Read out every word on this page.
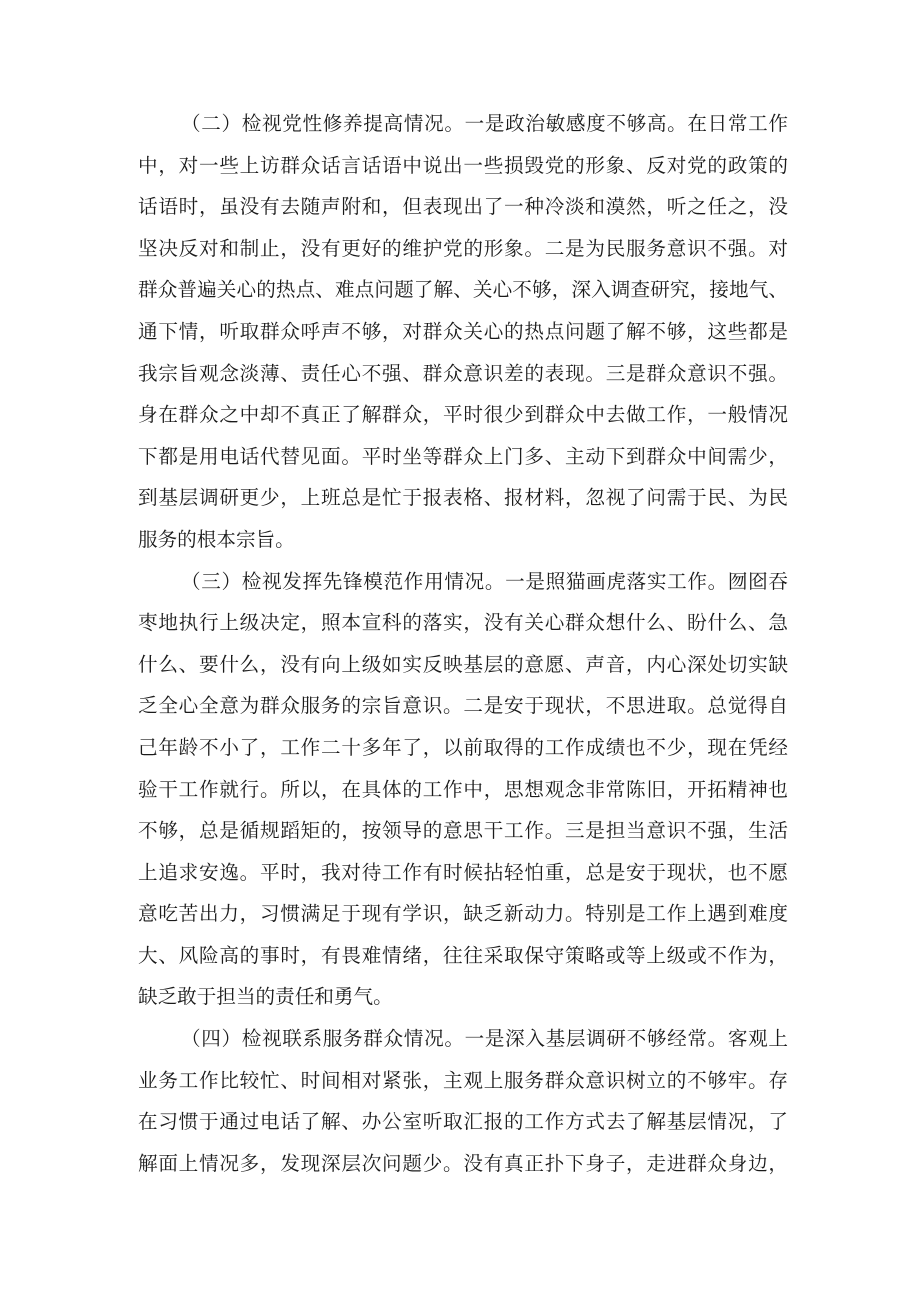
（二）检视党性修养提高情况。一是政治敏感度不够高。在日常工作
中，对一些上访群众话言话语中说出一些损毁党的形象、反对党的政策的
话语时，虽没有去随声附和，但表现出了一种冷淡和漠然，听之任之，没
坚决反对和制止，没有更好的维护党的形象。二是为民服务意识不强。对
群众普遍关心的热点、难点问题了解、关心不够，深入调查研究，接地气、
通下情，听取群众呼声不够，对群众关心的热点问题了解不够，这些都是
我宗旨观念淡薄、责任心不强、群众意识差的表现。三是群众意识不强。
身在群众之中却不真正了解群众，平时很少到群众中去做工作，一般情况
下都是用电话代替见面。平时坐等群众上门多、主动下到群众中间需少，
到基层调研更少，上班总是忙于报表格、报材料，忽视了问需于民、为民
服务的根本宗旨。
（三）检视发挥先锋模范作用情况。一是照猫画虎落实工作。囫囵吞
枣地执行上级决定，照本宣科的落实，没有关心群众想什么、盼什么、急
什么、要什么，没有向上级如实反映基层的意愿、声音，内心深处切实缺
乏全心全意为群众服务的宗旨意识。二是安于现状，不思进取。总觉得自
己年龄不小了，工作二十多年了，以前取得的工作成绩也不少，现在凭经
验干工作就行。所以，在具体的工作中，思想观念非常陈旧，开拓精神也
不够，总是循规蹈矩的，按领导的意思干工作。三是担当意识不强，生活
上追求安逸。平时，我对待工作有时候拈轻怕重，总是安于现状，也不愿
意吃苦出力，习惯满足于现有学识，缺乏新动力。特别是工作上遇到难度
大、风险高的事时，有畏难情绪，往往采取保守策略或等上级或不作为，
缺乏敢于担当的责任和勇气。
（四）检视联系服务群众情况。一是深入基层调研不够经常。客观上
业务工作比较忙、时间相对紧张，主观上服务群众意识树立的不够牢。存
在习惯于通过电话了解、办公室听取汇报的工作方式去了解基层情况，了
解面上情况多，发现深层次问题少。没有真正扑下身子，走进群众身边，
